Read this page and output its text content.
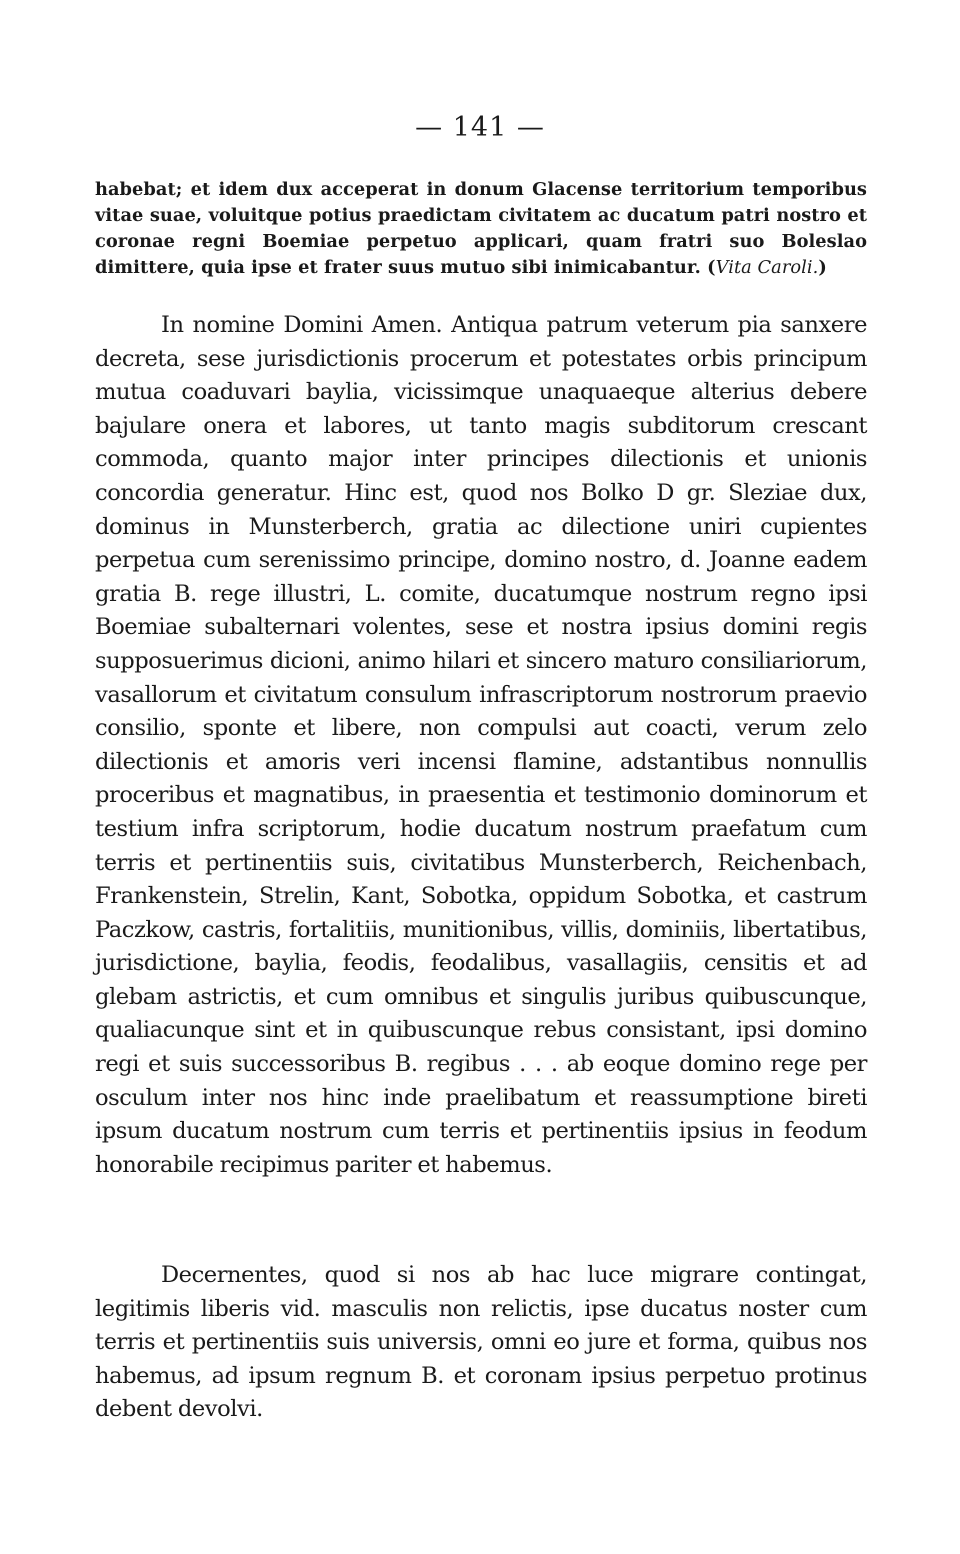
— 141 —

habebat; et idem dux acceperat in donum Glacense territorium temporibus vitae suae, voluitque potius praedictam civitatem ac ducatum patri nostro et coronae regni Boemiae perpetuo applicari, quam fratri suo Boleslao dimittere, quia ipse et frater suus mutuo sibi inimicabantur. (Vita Caroli.)

In nomine Domini Amen. Antiqua patrum veterum pia sanxere decreta, sese jurisdictionis procerum et potestates orbis principum mutua coaduvari baylia, vicissimque unaquaeque alterius debere bajulare onera et labores, ut tanto magis subditorum crescant commoda, quanto major inter principes dilectionis et unionis concordia generatur. Hinc est, quod nos Bolko D gr. Sleziae dux, dominus in Munsterberch, gratia ac dilectione uniri cupientes perpetua cum serenissimo principe, domino nostro, d. Joanne eadem gratia B. rege illustri, L. comite, ducatumque nostrum regno ipsi Boemiae subalternari volentes, sese et nostra ipsius domini regis supposuerimus dicioni, animo hilari et sincero maturo consiliariorum, vasallorum et civitatum consulum infrascriptorum nostrorum praevio consilio, sponte et libere, non compulsi aut coacti, verum zelo dilectionis et amoris veri incensi flamine, adstantibus nonnullis proceribus et magnatibus, in praesentia et testimonio dominorum et testium infra scriptorum, hodie ducatum nostrum praefatum cum terris et pertinentiis suis, civitatibus Munsterberch, Reichenbach, Frankenstein, Strelin, Kant, Sobotka, oppidum Sobotka, et castrum Paczkow, castris, fortalitiis, munitionibus, villis, dominiis, libertatibus, jurisdictione, baylia, feodis, feodalibus, vasallagiis, censitis et ad glebam astrictis, et cum omnibus et singulis juribus quibuscunque, qualiacunque sint et in quibuscunque rebus consistant, ipsi domino regi et suis successoribus B. regibus . . . ab eoque domino rege per osculum inter nos hinc inde praelibatum et reassumptione bireti ipsum ducatum nostrum cum terris et pertinentiis ipsius in feodum honorabile recipimus pariter et habemus.

Decernentes, quod si nos ab hac luce migrare contingat, legitimis liberis vid. masculis non relictis, ipse ducatus noster cum terris et pertinentiis suis universis, omni eo jure et forma, quibus nos habemus, ad ipsum regnum B. et coronam ipsius perpetuo protinus debent devolvi.
